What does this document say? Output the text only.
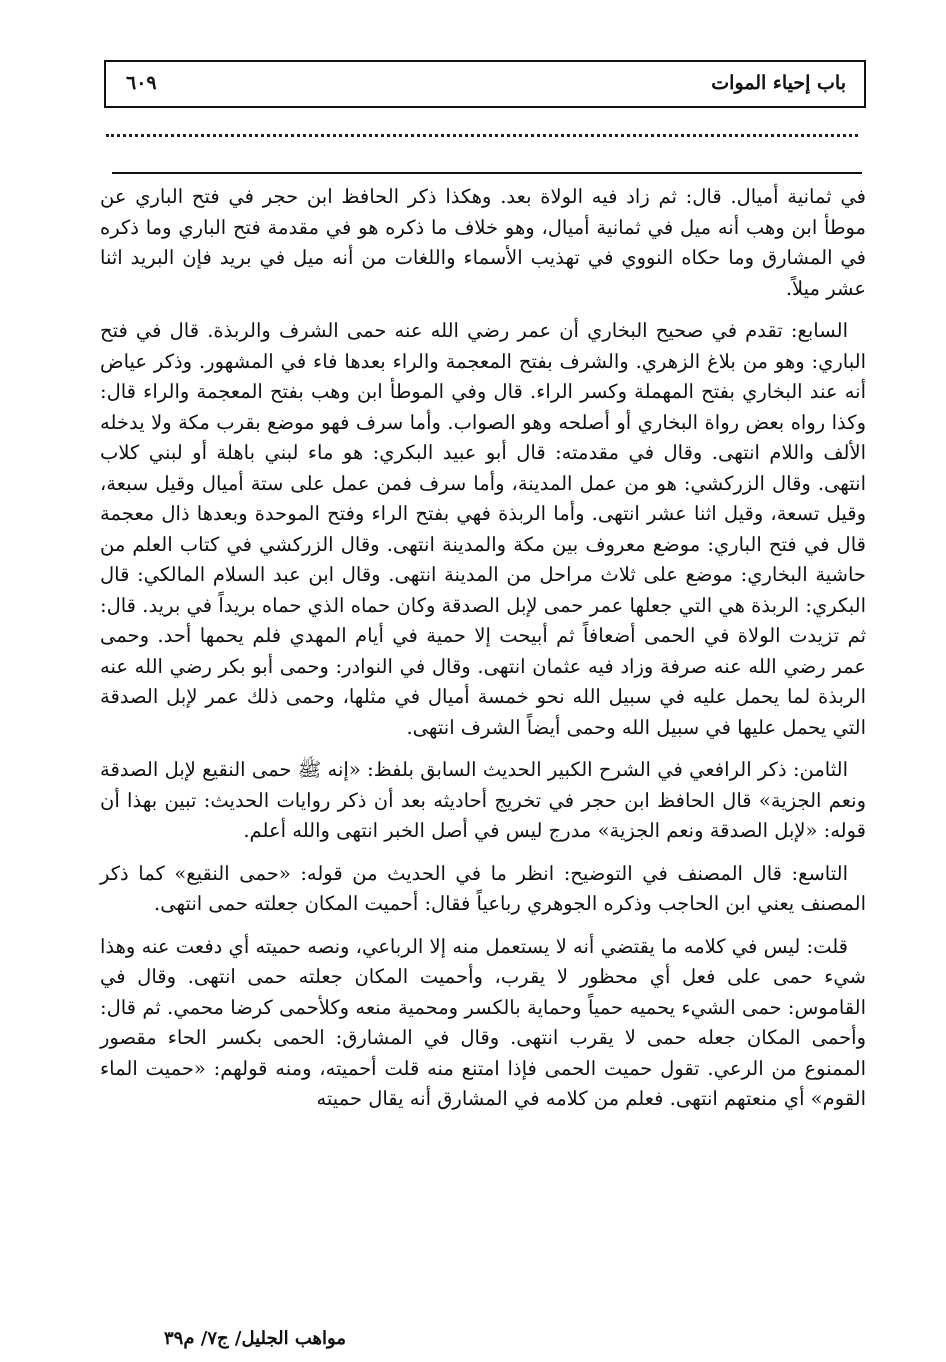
باب إحياء الموات
٦٠٩

في ثمانية أميال. قال: ثم زاد فيه الولاة بعد. وهكذا ذكر الحافظ ابن حجر في فتح الباري عن موطأ ابن وهب أنه ميل في ثمانية أميال، وهو خلاف ما ذكره هو في مقدمة فتح الباري وما ذكره في المشارق وما حكاه النووي في تهذيب الأسماء واللغات من أنه ميل في بريد فإن البريد اثنا عشر ميلاً.

السابع: تقدم في صحيح البخاري أن عمر رضي الله عنه حمى الشرف والربذة. قال في فتح الباري: وهو من بلاغ الزهري. والشرف بفتح المعجمة والراء بعدها فاء في المشهور. وذكر عياض أنه عند البخاري بفتح المهملة وكسر الراء. قال وفي الموطأ ابن وهب بفتح المعجمة والراء قال: وكذا رواه بعض رواة البخاري أو أصلحه وهو الصواب. وأما سرف فهو موضع بقرب مكة ولا يدخله الألف واللام انتهى. وقال في مقدمته: قال أبو عبيد البكري: هو ماء لبني باهلة أو لبني كلاب انتهى. وقال الزركشي: هو من عمل المدينة، وأما سرف فمن عمل على ستة أميال وقيل سبعة، وقيل تسعة، وقيل اثنا عشر انتهى. وأما الربذة فهي بفتح الراء وفتح الموحدة وبعدها ذال معجمة قال في فتح الباري: موضع معروف بين مكة والمدينة انتهى. وقال الزركشي في كتاب العلم من حاشية البخاري: موضع على ثلاث مراحل من المدينة انتهى. وقال ابن عبد السلام المالكي: قال البكري: الربذة هي التي جعلها عمر حمى لإبل الصدقة وكان حماه الذي حماه بريداً في بريد. قال: ثم تزيدت الولاة في الحمى أضعافاً ثم أبيحت إلا حمية في أيام المهدي فلم يحمها أحد. وحمى عمر رضي الله عنه صرفة وزاد فيه عثمان انتهى. وقال في النوادر: وحمى أبو بكر رضي الله عنه الربذة لما يحمل عليه في سبيل الله نحو خمسة أميال في مثلها، وحمى ذلك عمر لإبل الصدقة التي يحمل عليها في سبيل الله وحمى أيضاً الشرف انتهى.

الثامن: ذكر الرافعي في الشرح الكبير الحديث السابق بلفظ: «إنه ﷺ حمى النقيع لإبل الصدقة ونعم الجزية» قال الحافظ ابن حجر في تخريج أحاديثه بعد أن ذكر روايات الحديث: تبين بهذا أن قوله: «لإبل الصدقة ونعم الجزية» مدرج ليس في أصل الخبر انتهى والله أعلم.

التاسع: قال المصنف في التوضيح: انظر ما في الحديث من قوله: «حمى النقيع» كما ذكر المصنف يعني ابن الحاجب وذكره الجوهري رباعياً فقال: أحميت المكان جعلته حمى انتهى.

قلت: ليس في كلامه ما يقتضي أنه لا يستعمل منه إلا الرباعي، ونصه حميته أي دفعت عنه وهذا شيء حمى على فعل أي محظور لا يقرب، وأحميت المكان جعلته حمى انتهى. وقال في القاموس: حمى الشيء يحميه حمياً وحماية بالكسر ومحمية منعه وكلأحمى كرضا محمي. ثم قال: وأحمى المكان جعله حمى لا يقرب انتهى. وقال في المشارق: الحمى بكسر الحاء مقصور الممنوع من الرعي. تقول حميت الحمى فإذا امتنع منه قلت أحميته، ومنه قولهم: «حميت الماء القوم» أي منعتهم انتهى. فعلم من كلامه في المشارق أنه يقال حميته

مواهب الجليل/ ج٧/ م٣٩
